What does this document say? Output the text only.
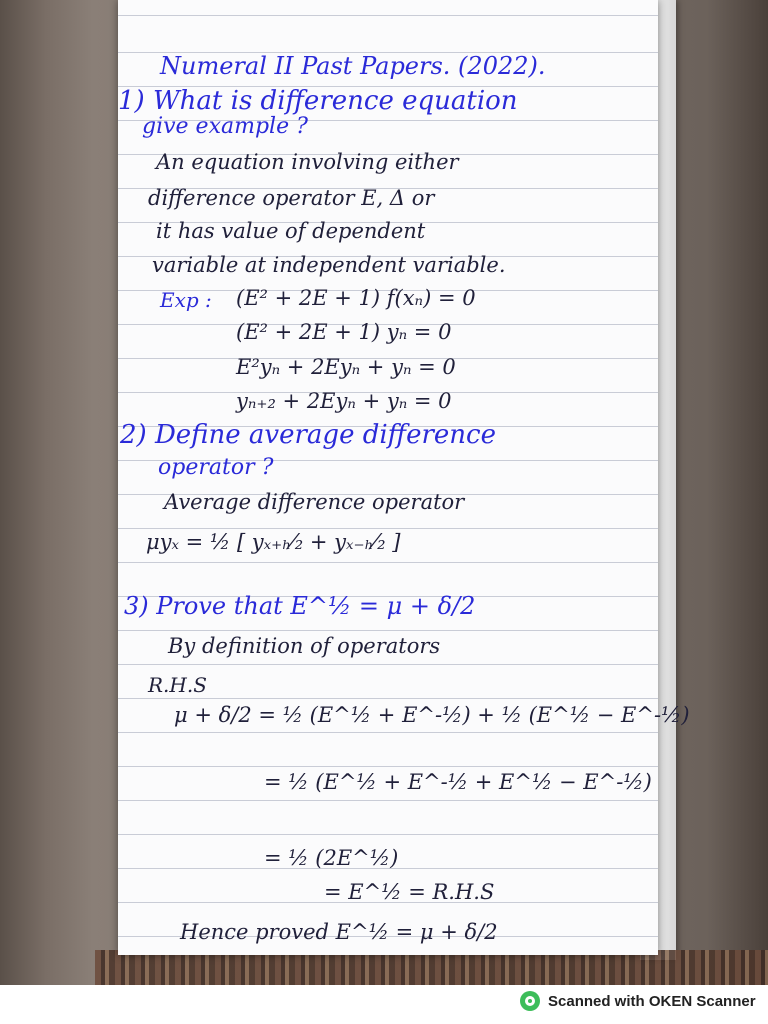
Numeral II Past Papers. (2022).
1) What is difference equation
give example ?
An equation involving either
difference operator E, Δ or
it has value of dependent
variable at independent variable.
Exp : (E² + 2E + 1) f(xₙ) = 0
(E² + 2E + 1) yₙ = 0
E²yₙ + 2Eyₙ + yₙ = 0
yₙ₊₂ + 2Eyₙ + yₙ = 0
2) Define average difference
operator ?
Average difference operator
μyₓ = ½ [ yₓ₊ₕ⁄₂ + yₓ₋ₕ⁄₂ ]
3) Prove that E^½ = μ + δ/2
By definition of operators
R.H.S
μ + δ/2 = ½ (E^½ + E^-½) + ½ (E^½ − E^-½)
= ½ (E^½ + E^-½ + E^½ − E^-½)
= ½ (2E^½)
= E^½ = R.H.S
Hence proved E^½ = μ + δ/2
Scanned with OKEN Scanner
